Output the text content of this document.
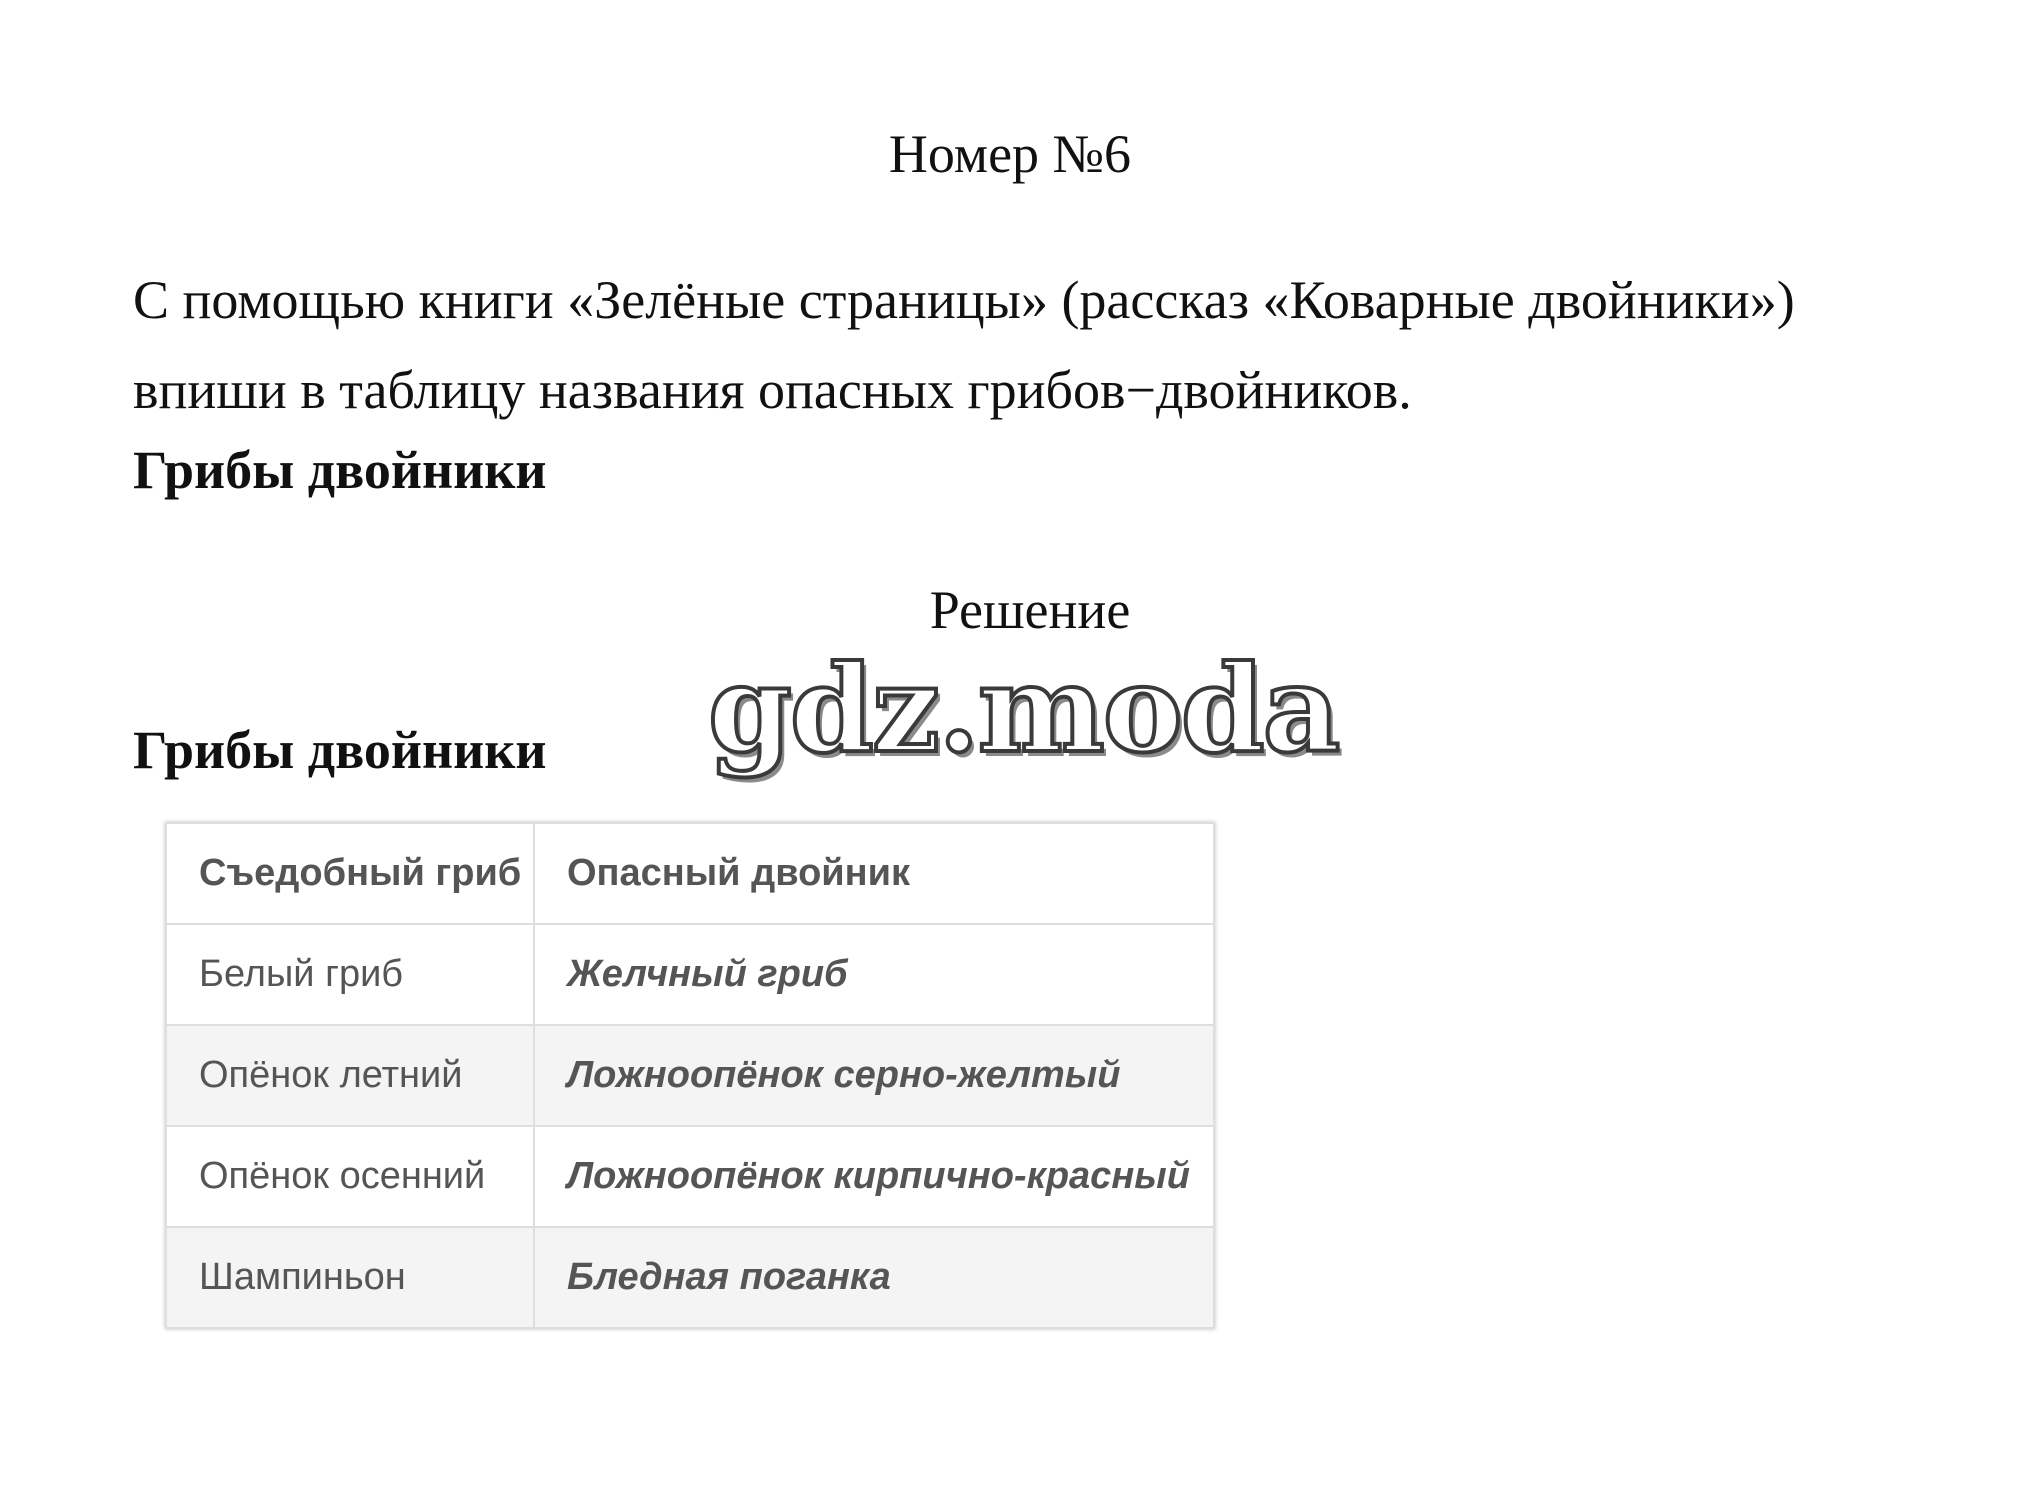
Номер №6
С помощью книги «Зелёные страницы» (рассказ «Коварные двойники») впиши в таблицу названия опасных грибов−двойников.
Грибы двойники
Решение
Грибы двойники gdz.moda
Съедобный гриб	Опасный двойник
Белый гриб	Желчный гриб
Опёнок летний	Ложноопёнок серно-желтый
Опёнок осенний	Ложноопёнок кирпично-красный
Шампиньон	Бледная поганка
